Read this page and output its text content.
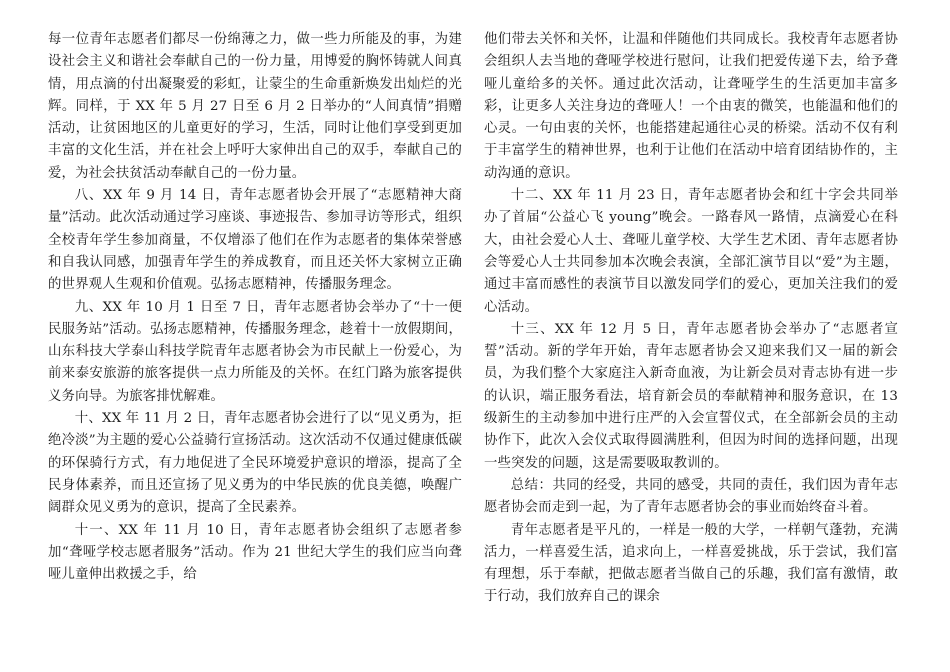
每一位青年志愿者们都尽一份绵薄之力，做一些力所能及的事，为建设社会主义和谐社会奉献自己的一份力量，用博爱的胸怀铸就人间真情，用点滴的付出凝聚爱的彩虹，让蒙尘的生命重新焕发出灿烂的光辉。同样，于 XX 年 5 月 27 日至 6 月 2 日举办的“人间真情”捐赠活动，让贫困地区的儿童更好的学习，生活，同时让他们享受到更加丰富的文化生活，并在社会上呼吁大家伸出自己的双手，奉献自己的爱，为社会扶贫活动奉献自己的一份力量。

八、XX 年 9 月 14 日，青年志愿者协会开展了“志愿精神大商量”活动。此次活动通过学习座谈、事迹报告、参加寻访等形式，组织全校青年学生参加商量，不仅增添了他们在作为志愿者的集体荣誉感和自我认同感，加强青年学生的养成教育，而且还关怀大家树立正确的世界观人生观和价值观。弘扬志愿精神，传播服务理念。

九、XX 年 10 月 1 日至 7 日，青年志愿者协会举办了“十一便民服务站”活动。弘扬志愿精神，传播服务理念，趁着十一放假期间，山东科技大学泰山科技学院青年志愿者协会为市民献上一份爱心，为前来泰安旅游的旅客提供一点力所能及的关怀。在红门路为旅客提供义务向导。为旅客排忧解难。

十、XX 年 11 月 2 日，青年志愿者协会进行了以“见义勇为，拒绝冷淡”为主题的爱心公益骑行宣扬活动。这次活动不仅通过健康低碳的环保骑行方式，有力地促进了全民环境爱护意识的增添，提高了全民身体素养，而且还宣扬了见义勇为的中华民族的优良美德，唤醒广阔群众见义勇为的意识，提高了全民素养。

十一、XX 年 11 月 10 日，青年志愿者协会组织了志愿者参加“聋哑学校志愿者服务”活动。作为 21 世纪大学生的我们应当向聋哑儿童伸出救援之手，给

他们带去关怀和关怀，让温和伴随他们共同成长。我校青年志愿者协会组织人去当地的聋哑学校进行慰问，让我们把爱传递下去，给予聋哑儿童给多的关怀。通过此次活动，让聋哑学生的生活更加丰富多彩，让更多人关注身边的聋哑人！一个由衷的微笑，也能温和他们的心灵。一句由衷的关怀，也能搭建起通往心灵的桥梁。活动不仅有利于丰富学生的精神世界，也利于让他们在活动中培育团结协作的，主动沟通的意识。

十二、XX 年 11 月 23 日，青年志愿者协会和红十字会共同举办了首届“公益心飞 young”晚会。一路春风一路情，点滴爱心在科大，由社会爱心人士、聋哑儿童学校、大学生艺术团、青年志愿者协会等爱心人士共同参加本次晚会表演，全部汇演节目以“爱”为主题，通过丰富而感性的表演节目以激发同学们的爱心，更加关注我们的爱心活动。

十三、XX 年 12 月 5 日，青年志愿者协会举办了“志愿者宣誓”活动。新的学年开始，青年志愿者协会又迎来我们又一届的新会员，为我们整个大家庭注入新奇血液，为让新会员对青志协有进一步的认识，端正服务看法，培育新会员的奉献精神和服务意识，在 13 级新生的主动参加中进行庄严的入会宣誓仪式，在全部新会员的主动协作下，此次入会仪式取得圆满胜利，但因为时间的选择问题，出现一些突发的问题，这是需要吸取教训的。

总结：共同的经受，共同的感受，共同的责任，我们因为青年志愿者协会而走到一起，为了青年志愿者协会的事业而始终奋斗着。

青年志愿者是平凡的，一样是一般的大学，一样朝气蓬勃，充满活力，一样喜爱生活，追求向上，一样喜爱挑战，乐于尝试，我们富有理想，乐于奉献，把做志愿者当做自己的乐趣，我们富有激情，敢于行动，我们放弃自己的课余
